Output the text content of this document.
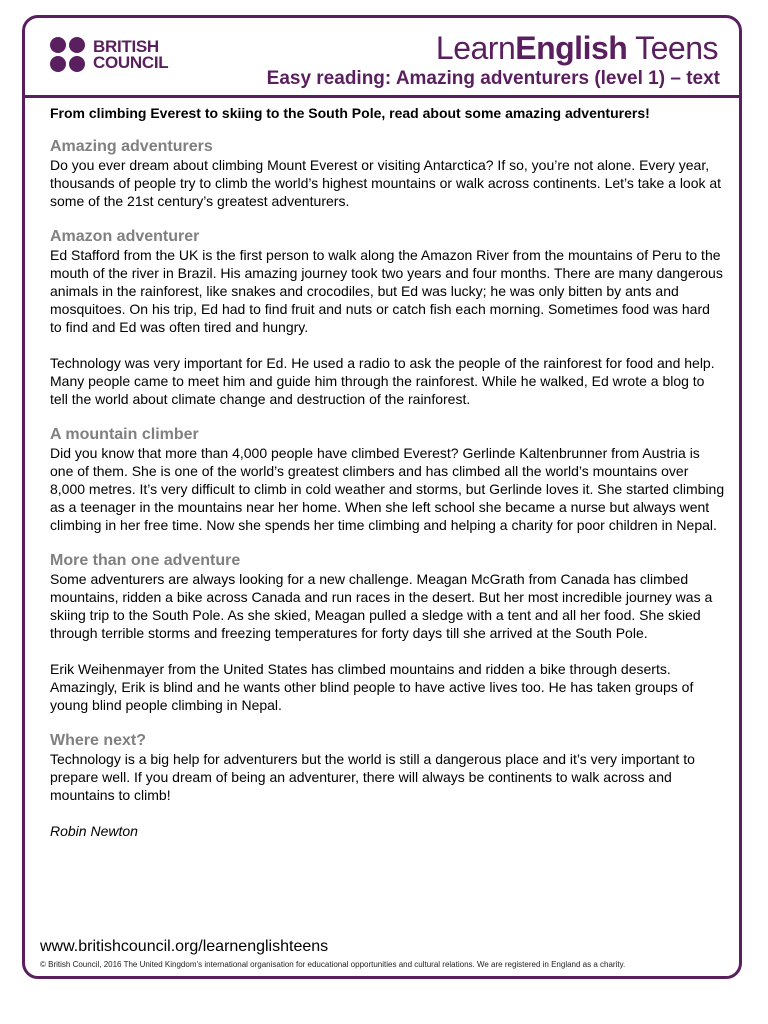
BRITISH
COUNCIL	LearnEnglish Teens
Easy reading: Amazing adventurers (level 1) – text

From climbing Everest to skiing to the South Pole, read about some amazing adventurers!

Amazing adventurers

Do you ever dream about climbing Mount Everest or visiting Antarctica? If so, you’re not alone. Every year, thousands of people try to climb the world’s highest mountains or walk across continents. Let’s take a look at some of the 21st century’s greatest adventurers.

Amazon adventurer

Ed Stafford from the UK is the first person to walk along the Amazon River from the mountains of Peru to the mouth of the river in Brazil. His amazing journey took two years and four months. There are many dangerous animals in the rainforest, like snakes and crocodiles, but Ed was lucky; he was only bitten by ants and mosquitoes. On his trip, Ed had to find fruit and nuts or catch fish each morning. Sometimes food was hard to find and Ed was often tired and hungry.

Technology was very important for Ed. He used a radio to ask the people of the rainforest for food and help. Many people came to meet him and guide him through the rainforest. While he walked, Ed wrote a blog to tell the world about climate change and destruction of the rainforest.

A mountain climber

Did you know that more than 4,000 people have climbed Everest? Gerlinde Kaltenbrunner from Austria is one of them. She is one of the world’s greatest climbers and has climbed all the world’s mountains over 8,000 metres. It’s very difficult to climb in cold weather and storms, but Gerlinde loves it. She started climbing as a teenager in the mountains near her home. When she left school she became a nurse but always went climbing in her free time. Now she spends her time climbing and helping a charity for poor children in Nepal.

More than one adventure

Some adventurers are always looking for a new challenge. Meagan McGrath from Canada has climbed mountains, ridden a bike across Canada and run races in the desert. But her most incredible journey was a skiing trip to the South Pole. As she skied, Meagan pulled a sledge with a tent and all her food. She skied through terrible storms and freezing temperatures for forty days till she arrived at the South Pole.

Erik Weihenmayer from the United States has climbed mountains and ridden a bike through deserts. Amazingly, Erik is blind and he wants other blind people to have active lives too. He has taken groups of young blind people climbing in Nepal.

Where next?

Technology is a big help for adventurers but the world is still a dangerous place and it’s very important to prepare well. If you dream of being an adventurer, there will always be continents to walk across and mountains to climb!

Robin Newton

www.britishcouncil.org/learnenglishteens
© British Council, 2016 The United Kingdom’s international organisation for educational opportunities and cultural relations. We are registered in England as a charity.
